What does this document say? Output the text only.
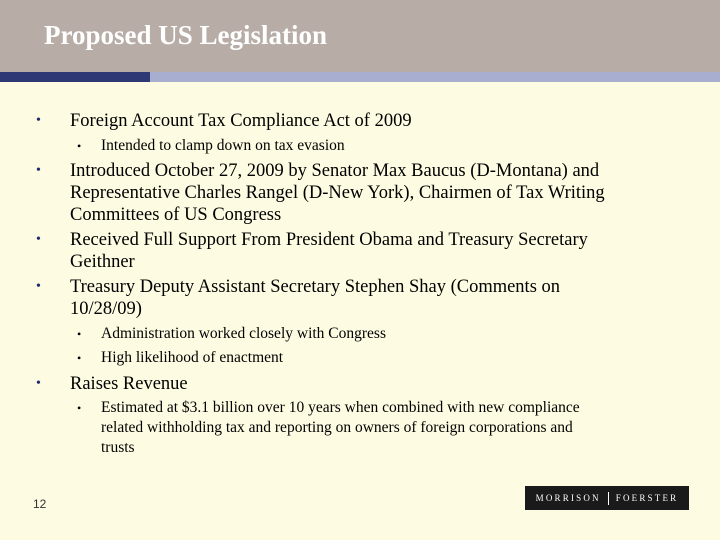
Proposed US Legislation
• Foreign Account Tax Compliance Act of 2009
• Intended to clamp down on tax evasion
• Introduced October 27, 2009 by Senator Max Baucus (D-Montana) and
Representative Charles Rangel (D-New York), Chairmen of Tax Writing
Committees of US Congress
• Received Full Support From President Obama and Treasury Secretary
Geithner
• Treasury Deputy Assistant Secretary Stephen Shay (Comments on
10/28/09)
• Administration worked closely with Congress
• High likelihood of enactment
• Raises Revenue
• Estimated at $3.1 billion over 10 years when combined with new compliance
related withholding tax and reporting on owners of foreign corporations and
trusts
12	MORRISON FOERSTER
